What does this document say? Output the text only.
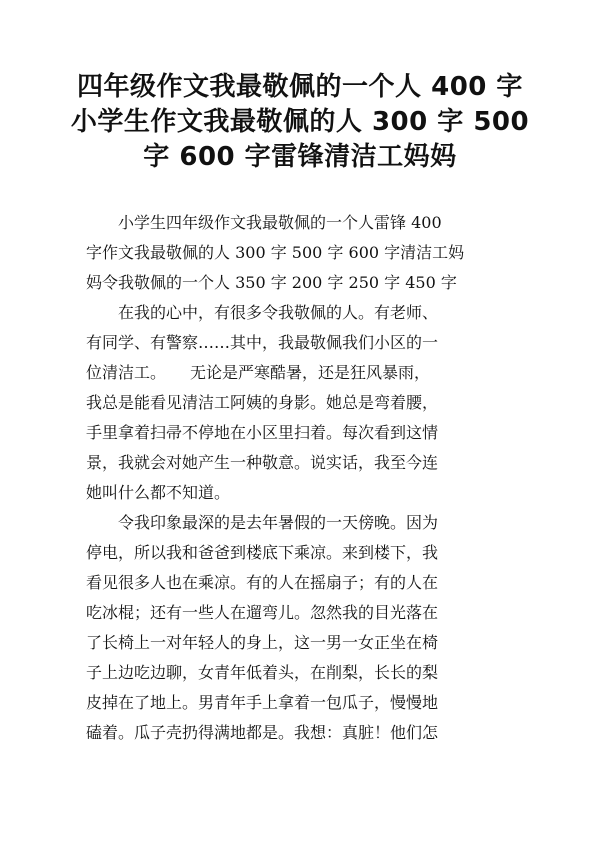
四年级作文我最敬佩的一个人 400 字
小学生作文我最敬佩的人 300 字 500
字 600 字雷锋清洁工妈妈

小学生四年级作文我最敬佩的一个人雷锋 400
字作文我最敬佩的人 300 字 500 字 600 字清洁工妈
妈令我敬佩的一个人 350 字 200 字 250 字 450 字

在我的心中，有很多令我敬佩的人。有老师、
有同学、有警察……其中，我最敬佩我们小区的一
位清洁工。　　无论是严寒酷暑，还是狂风暴雨，
我总是能看见清洁工阿姨的身影。她总是弯着腰，
手里拿着扫帚不停地在小区里扫着。每次看到这情
景，我就会对她产生一种敬意。说实话，我至今连
她叫什么都不知道。

令我印象最深的是去年暑假的一天傍晚。因为
停电，所以我和爸爸到楼底下乘凉。来到楼下，我
看见很多人也在乘凉。有的人在摇扇子；有的人在
吃冰棍；还有一些人在遛弯儿。忽然我的目光落在
了长椅上一对年轻人的身上，这一男一女正坐在椅
子上边吃边聊，女青年低着头，在削梨，长长的梨
皮掉在了地上。男青年手上拿着一包瓜子，慢慢地
磕着。瓜子壳扔得满地都是。我想：真脏！他们怎
